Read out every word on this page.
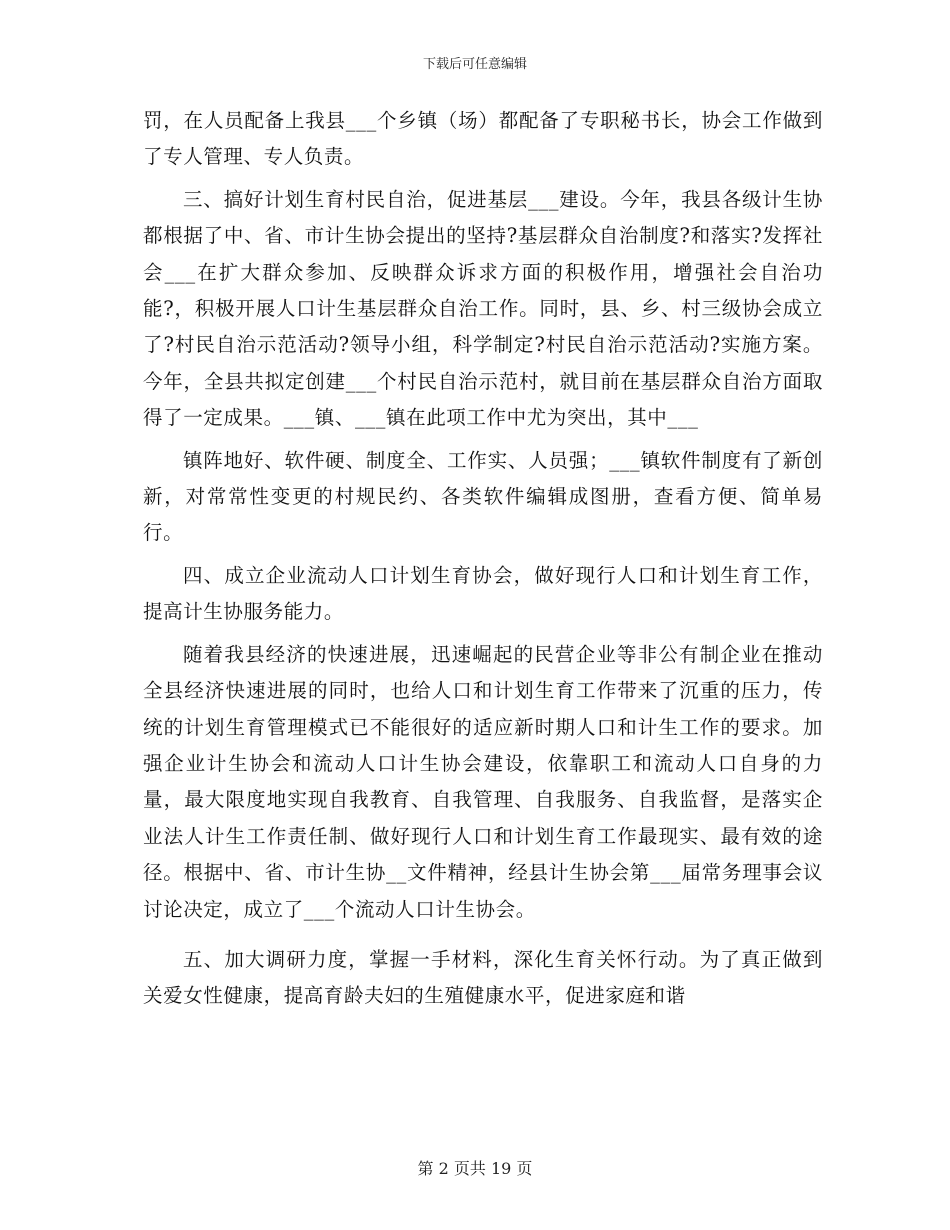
下载后可任意编辑

罚，在人员配备上我县___个乡镇（场）都配备了专职秘书长，协会工作做到了专人管理、专人负责。

三、搞好计划生育村民自治，促进基层___建设。今年，我县各级计生协都根据了中、省、市计生协会提出的坚持?基层群众自治制度?和落实?发挥社会___在扩大群众参加、反映群众诉求方面的积极作用，增强社会自治功能?，积极开展人口计生基层群众自治工作。同时，县、乡、村三级协会成立了?村民自治示范活动?领导小组，科学制定?村民自治示范活动?实施方案。今年，全县共拟定创建___个村民自治示范村，就目前在基层群众自治方面取得了一定成果。___镇、___镇在此项工作中尤为突出，其中___

镇阵地好、软件硬、制度全、工作实、人员强；___镇软件制度有了新创新，对常常性变更的村规民约、各类软件编辑成图册，查看方便、简单易行。

四、成立企业流动人口计划生育协会，做好现行人口和计划生育工作，提高计生协服务能力。

随着我县经济的快速进展，迅速崛起的民营企业等非公有制企业在推动全县经济快速进展的同时，也给人口和计划生育工作带来了沉重的压力，传统的计划生育管理模式已不能很好的适应新时期人口和计生工作的要求。加强企业计生协会和流动人口计生协会建设，依靠职工和流动人口自身的力量，最大限度地实现自我教育、自我管理、自我服务、自我监督，是落实企业法人计生工作责任制、做好现行人口和计划生育工作最现实、最有效的途径。根据中、省、市计生协__文件精神，经县计生协会第___届常务理事会议讨论决定，成立了___个流动人口计生协会。

五、加大调研力度，掌握一手材料，深化生育关怀行动。为了真正做到关爱女性健康，提高育龄夫妇的生殖健康水平，促进家庭和谐

第 2 页共 19 页
